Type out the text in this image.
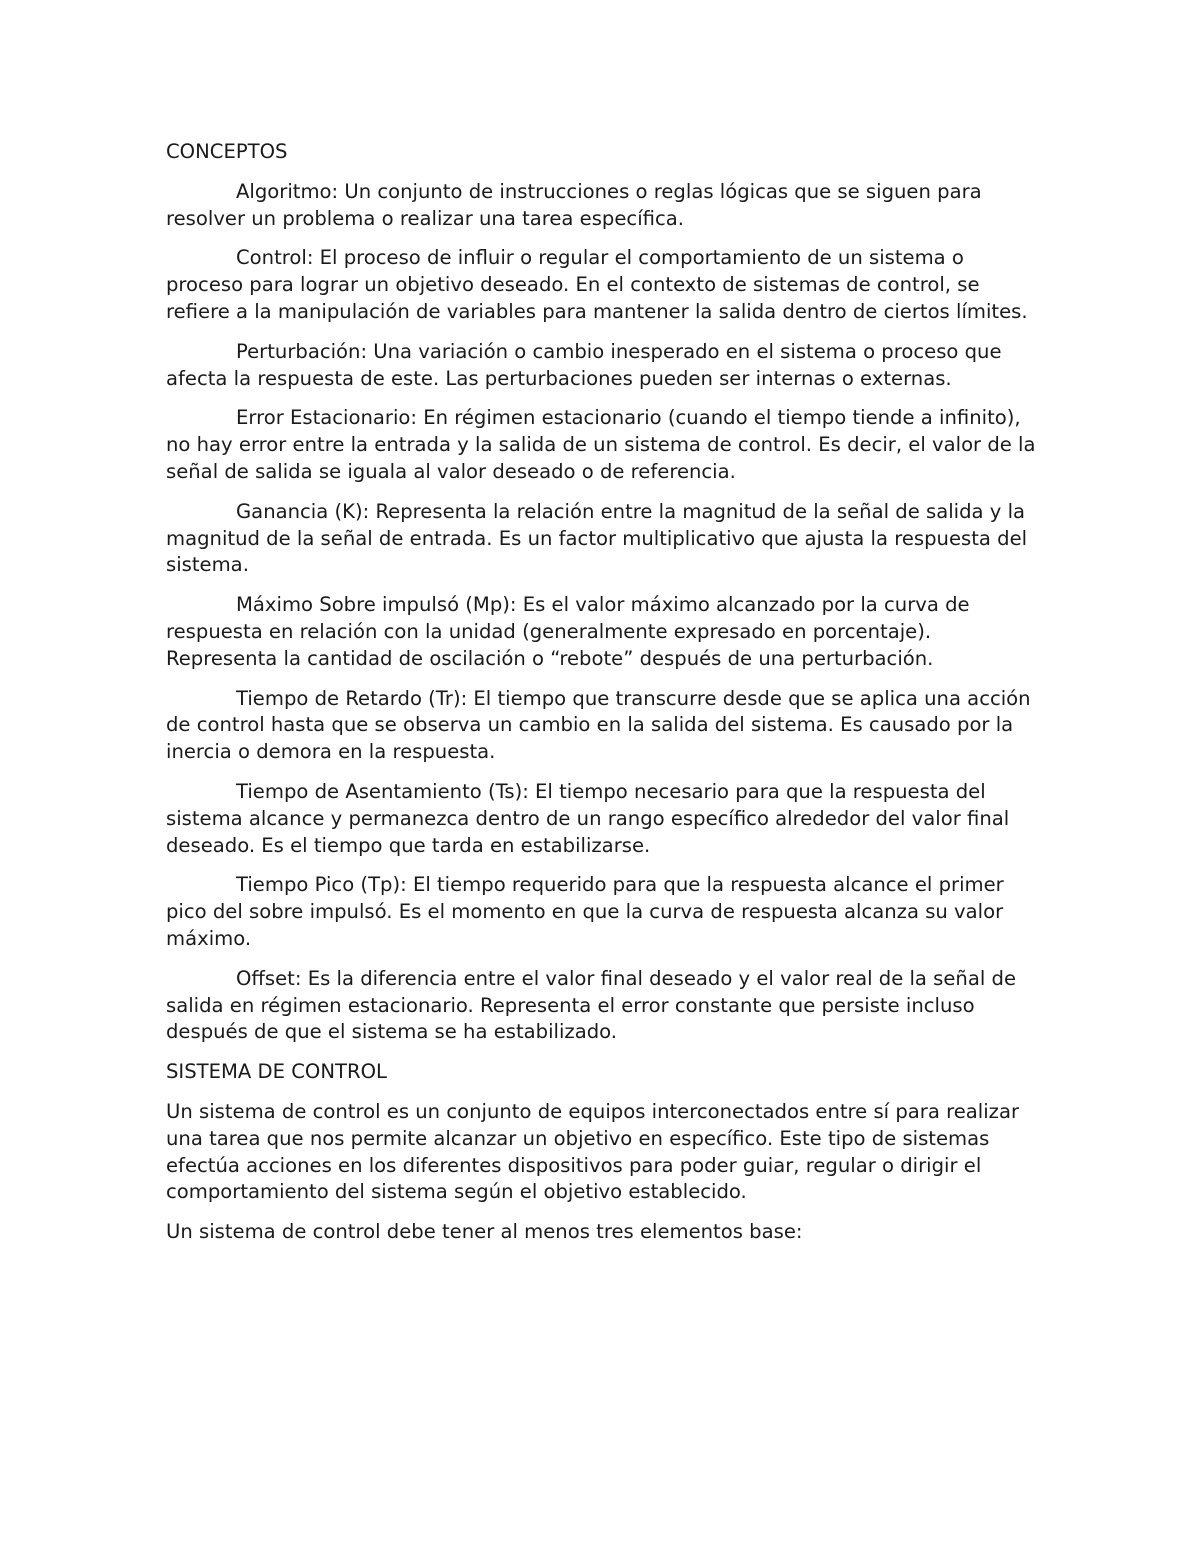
CONCEPTOS

Algoritmo: Un conjunto de instrucciones o reglas lógicas que se siguen para resolver un problema o realizar una tarea específica.

Control: El proceso de influir o regular el comportamiento de un sistema o proceso para lograr un objetivo deseado. En el contexto de sistemas de control, se refiere a la manipulación de variables para mantener la salida dentro de ciertos límites.

Perturbación: Una variación o cambio inesperado en el sistema o proceso que afecta la respuesta de este. Las perturbaciones pueden ser internas o externas.

Error Estacionario: En régimen estacionario (cuando el tiempo tiende a infinito), no hay error entre la entrada y la salida de un sistema de control. Es decir, el valor de la señal de salida se iguala al valor deseado o de referencia.

Ganancia (K): Representa la relación entre la magnitud de la señal de salida y la magnitud de la señal de entrada. Es un factor multiplicativo que ajusta la respuesta del sistema.

Máximo Sobre impulsó (Mp): Es el valor máximo alcanzado por la curva de respuesta en relación con la unidad (generalmente expresado en porcentaje). Representa la cantidad de oscilación o “rebote” después de una perturbación.

Tiempo de Retardo (Tr): El tiempo que transcurre desde que se aplica una acción de control hasta que se observa un cambio en la salida del sistema. Es causado por la inercia o demora en la respuesta.

Tiempo de Asentamiento (Ts): El tiempo necesario para que la respuesta del sistema alcance y permanezca dentro de un rango específico alrededor del valor final deseado. Es el tiempo que tarda en estabilizarse.

Tiempo Pico (Tp): El tiempo requerido para que la respuesta alcance el primer pico del sobre impulsó. Es el momento en que la curva de respuesta alcanza su valor máximo.

Offset: Es la diferencia entre el valor final deseado y el valor real de la señal de salida en régimen estacionario. Representa el error constante que persiste incluso después de que el sistema se ha estabilizado.

SISTEMA DE CONTROL

Un sistema de control es un conjunto de equipos interconectados entre sí para realizar una tarea que nos permite alcanzar un objetivo en específico. Este tipo de sistemas efectúa acciones en los diferentes dispositivos para poder guiar, regular o dirigir el comportamiento del sistema según el objetivo establecido.

Un sistema de control debe tener al menos tres elementos base:
